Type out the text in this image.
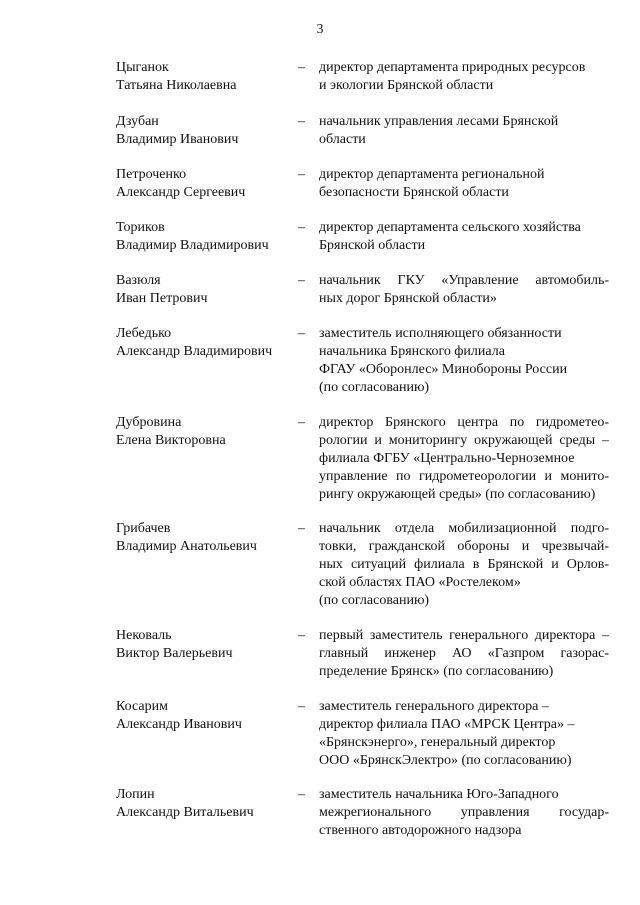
3
Цыганок
Татьяна Николаевна
– директор департамента природных ресурсов
и экологии Брянской области
Дзубан
Владимир Иванович
– начальник управления лесами Брянской
области
Петроченко
Александр Сергеевич
– директор департамента региональной
безопасности Брянской области
Ториков
Владимир Владимирович
– директор департамента сельского хозяйства
Брянской области
Вазюля
Иван Петрович
– начальник ГКУ «Управление автомобиль-
ных дорог Брянской области»
Лебедько
Александр Владимирович
– заместитель исполняющего обязанности
начальника Брянского филиала
ФГАУ «Оборонлес» Минобороны России
(по согласованию)
Дубровина
Елена Викторовна
– директор Брянского центра по гидрометео-
рологии и мониторингу окружающей среды –
филиала ФГБУ «Центрально-Черноземное
управление по гидрометеорологии и монито-
рингу окружающей среды» (по согласованию)
Грибачев
Владимир Анатольевич
– начальник отдела мобилизационной подго-
товки, гражданской обороны и чрезвычай-
ных ситуаций филиала в Брянской и Орлов-
ской областях ПАО «Ростелеком»
(по согласованию)
Нековаль
Виктор Валерьевич
– первый заместитель генерального директора –
главный инженер АО «Газпром газорас-
пределение Брянск» (по согласованию)
Косарим
Александр Иванович
– заместитель генерального директора –
директор филиала ПАО «МРСК Центра» –
«Брянскэнерго», генеральный директор
ООО «БрянскЭлектро» (по согласованию)
Лопин
Александр Витальевич
– заместитель начальника Юго-Западного
межрегионального управления государ-
ственного автодорожного надзора
